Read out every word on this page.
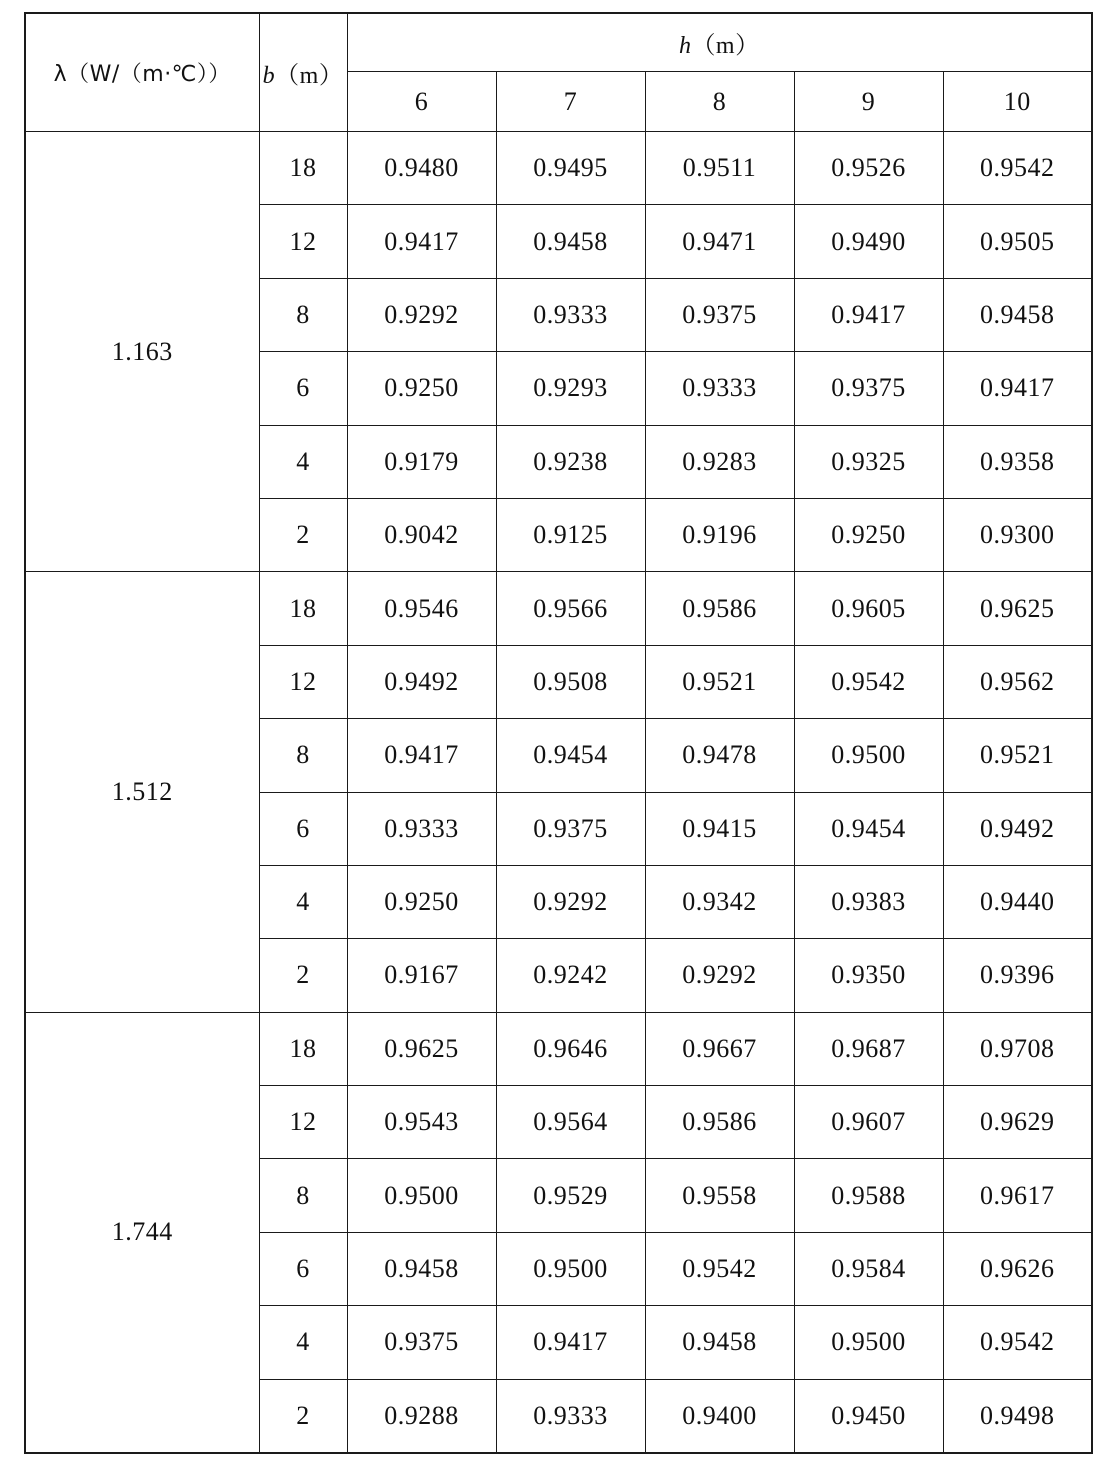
λ（W/（m·℃））	b（m）	h（m）				
		6	7	8	9	10
1.163	18	0.9480	0.9495	0.9511	0.9526	0.9542
	12	0.9417	0.9458	0.9471	0.9490	0.9505
	8	0.9292	0.9333	0.9375	0.9417	0.9458
	6	0.9250	0.9293	0.9333	0.9375	0.9417
	4	0.9179	0.9238	0.9283	0.9325	0.9358
	2	0.9042	0.9125	0.9196	0.9250	0.9300
1.512	18	0.9546	0.9566	0.9586	0.9605	0.9625
	12	0.9492	0.9508	0.9521	0.9542	0.9562
	8	0.9417	0.9454	0.9478	0.9500	0.9521
	6	0.9333	0.9375	0.9415	0.9454	0.9492
	4	0.9250	0.9292	0.9342	0.9383	0.9440
	2	0.9167	0.9242	0.9292	0.9350	0.9396
1.744	18	0.9625	0.9646	0.9667	0.9687	0.9708
	12	0.9543	0.9564	0.9586	0.9607	0.9629
	8	0.9500	0.9529	0.9558	0.9588	0.9617
	6	0.9458	0.9500	0.9542	0.9584	0.9626
	4	0.9375	0.9417	0.9458	0.9500	0.9542
	2	0.9288	0.9333	0.9400	0.9450	0.9498
